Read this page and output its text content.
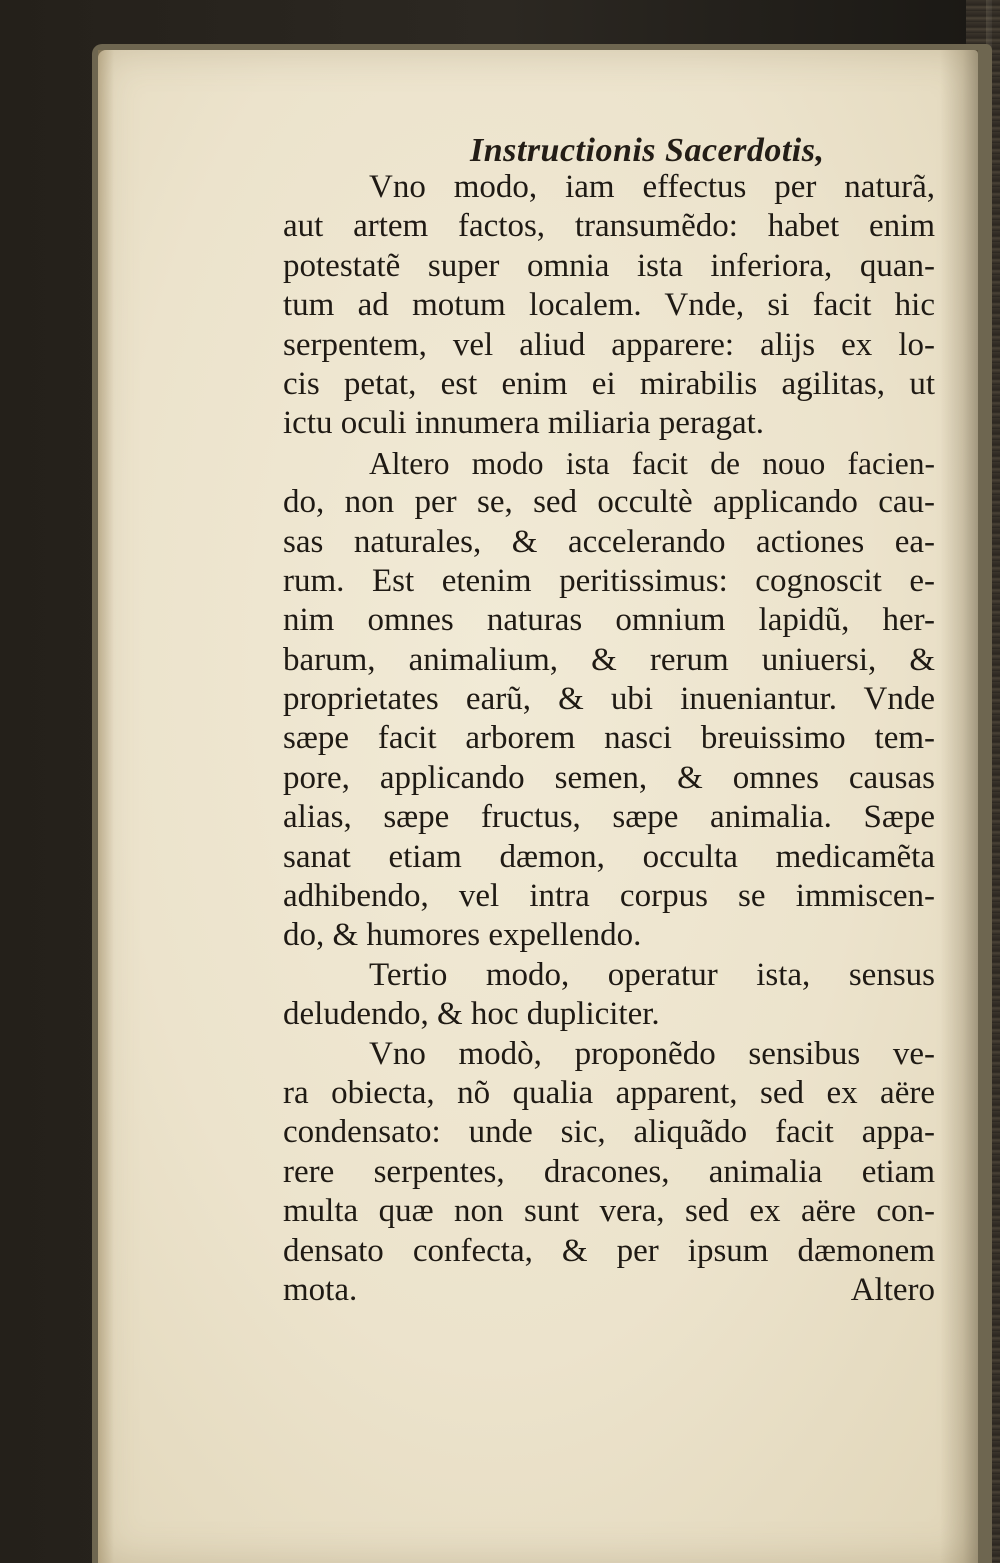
Instructionis Sacerdotis,
Vno modo, iam effectus per naturã,
aut artem factos, transumẽdo: habet enim
potestatẽ super omnia ista inferiora, quan-
tum ad motum localem. Vnde, si facit hic
serpentem, vel aliud apparere: alijs ex lo-
cis petat, est enim ei mirabilis agilitas, ut
ictu oculi innumera miliaria peragat.
Altero modo ista facit de nouo facien-
do, non per se, sed occultè applicando cau-
sas naturales, & accelerando actiones ea-
rum. Est etenim peritissimus: cognoscit e-
nim omnes naturas omnium lapidũ, her-
barum, animalium, & rerum uniuersi, &
proprietates earũ, & ubi inueniantur. Vnde
sæpe facit arborem nasci breuissimo tem-
pore, applicando semen, & omnes causas
alias, sæpe fructus, sæpe animalia. Sæpe
sanat etiam dæmon, occulta medicamẽta
adhibendo, vel intra corpus se immiscen-
do, & humores expellendo.
Tertio modo, operatur ista, sensus
deludendo, & hoc dupliciter.
Vno modò, proponẽdo sensibus ve-
ra obiecta, nõ qualia apparent, sed ex aëre
condensato: unde sic, aliquãdo facit appa-
rere serpentes, dracones, animalia etiam
multa quæ non sunt vera, sed ex aëre con-
densato confecta, & per ipsum dæmonem
mota. Altero
